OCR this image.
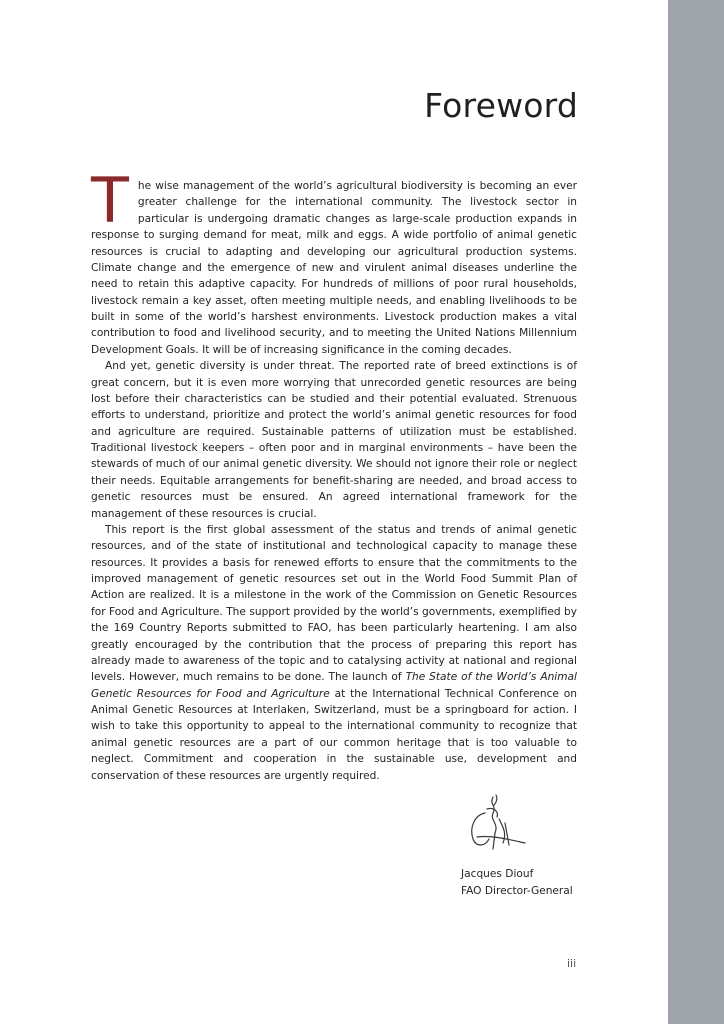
Foreword

The wise management of the world’s agricultural biodiversity is becoming an ever greater challenge for the international community. The livestock sector in particular is undergoing dramatic changes as large-scale production expands in response to surging demand for meat, milk and eggs. A wide portfolio of animal genetic resources is crucial to adapting and developing our agricultural production systems. Climate change and the emergence of new and virulent animal diseases underline the need to retain this adaptive capacity. For hundreds of millions of poor rural households, livestock remain a key asset, often meeting multiple needs, and enabling livelihoods to be built in some of the world’s harshest environments. Livestock production makes a vital contribution to food and livelihood security, and to meeting the United Nations Millennium Development Goals. It will be of increasing significance in the coming decades.

And yet, genetic diversity is under threat. The reported rate of breed extinctions is of great concern, but it is even more worrying that unrecorded genetic resources are being lost before their characteristics can be studied and their potential evaluated. Strenuous efforts to understand, prioritize and protect the world’s animal genetic resources for food and agriculture are required. Sustainable patterns of utilization must be established. Traditional livestock keepers – often poor and in marginal environments – have been the stewards of much of our animal genetic diversity. We should not ignore their role or neglect their needs. Equitable arrangements for benefit-sharing are needed, and broad access to genetic resources must be ensured. An agreed international framework for the management of these resources is crucial.

This report is the first global assessment of the status and trends of animal genetic resources, and of the state of institutional and technological capacity to manage these resources. It provides a basis for renewed efforts to ensure that the commitments to the improved management of genetic resources set out in the World Food Summit Plan of Action are realized. It is a milestone in the work of the Commission on Genetic Resources for Food and Agriculture. The support provided by the world’s governments, exemplified by the 169 Country Reports submitted to FAO, has been particularly heartening. I am also greatly encouraged by the contribution that the process of preparing this report has already made to awareness of the topic and to catalysing activity at national and regional levels. However, much remains to be done. The launch of The State of the World’s Animal Genetic Resources for Food and Agriculture at the International Technical Conference on Animal Genetic Resources at Interlaken, Switzerland, must be a springboard for action. I wish to take this opportunity to appeal to the international community to recognize that animal genetic resources are a part of our common heritage that is too valuable to neglect. Commitment and cooperation in the sustainable use, development and conservation of these resources are urgently required.

Jacques Diouf
FAO Director-General
iii
